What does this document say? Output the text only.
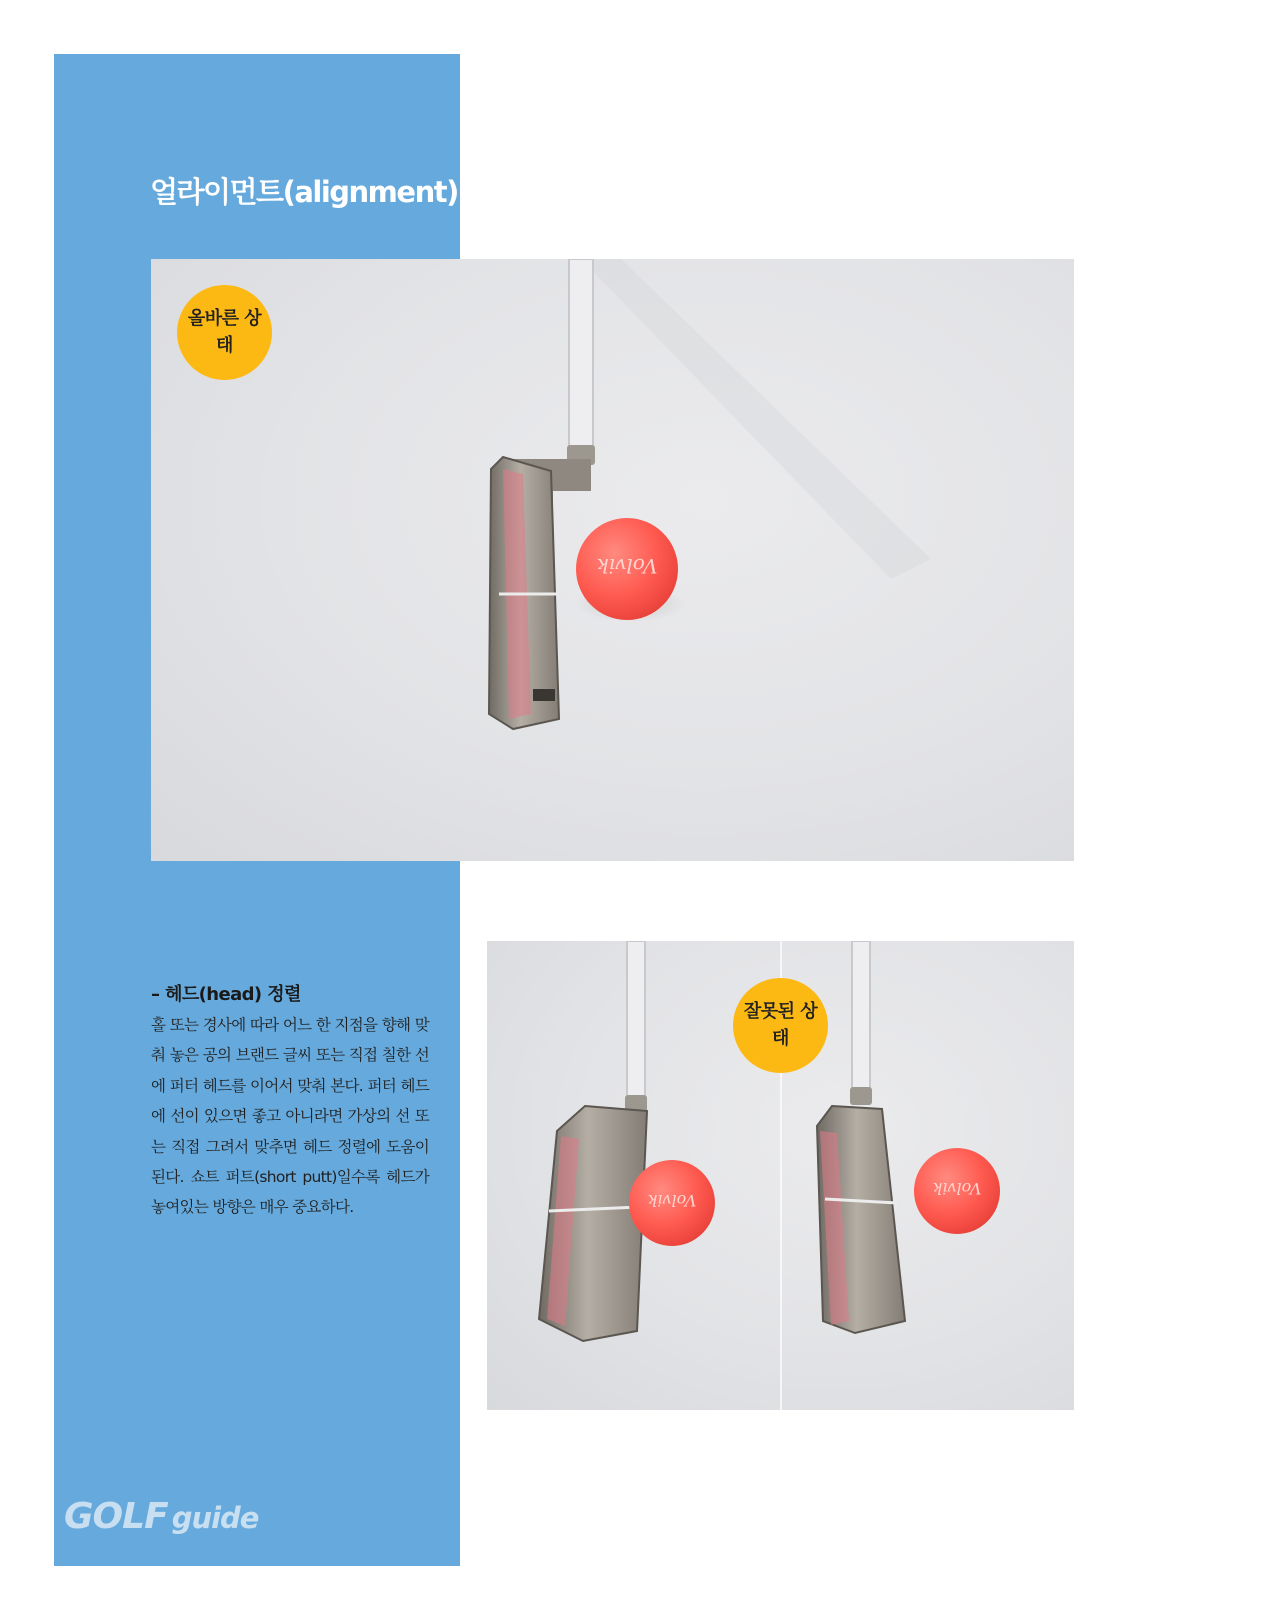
얼라이먼트(alignment)
Volvik
올바른 상태
– 헤드(head) 정렬

홀 또는 경사에 따라 어느 한 지점을 향해 맞춰 놓은 공의 브랜드 글씨 또는 직접 칠한 선에 퍼터 헤드를 이어서 맞춰 본다. 퍼터 헤드에 선이 있으면 좋고 아니라면 가상의 선 또는 직접 그려서 맞추면 헤드 정렬에 도움이 된다. 쇼트 퍼트(short putt)일수록 헤드가 놓여있는 방향은 매우 중요하다.	Volvik
Volvik
잘못된 상태
GOLF guide
